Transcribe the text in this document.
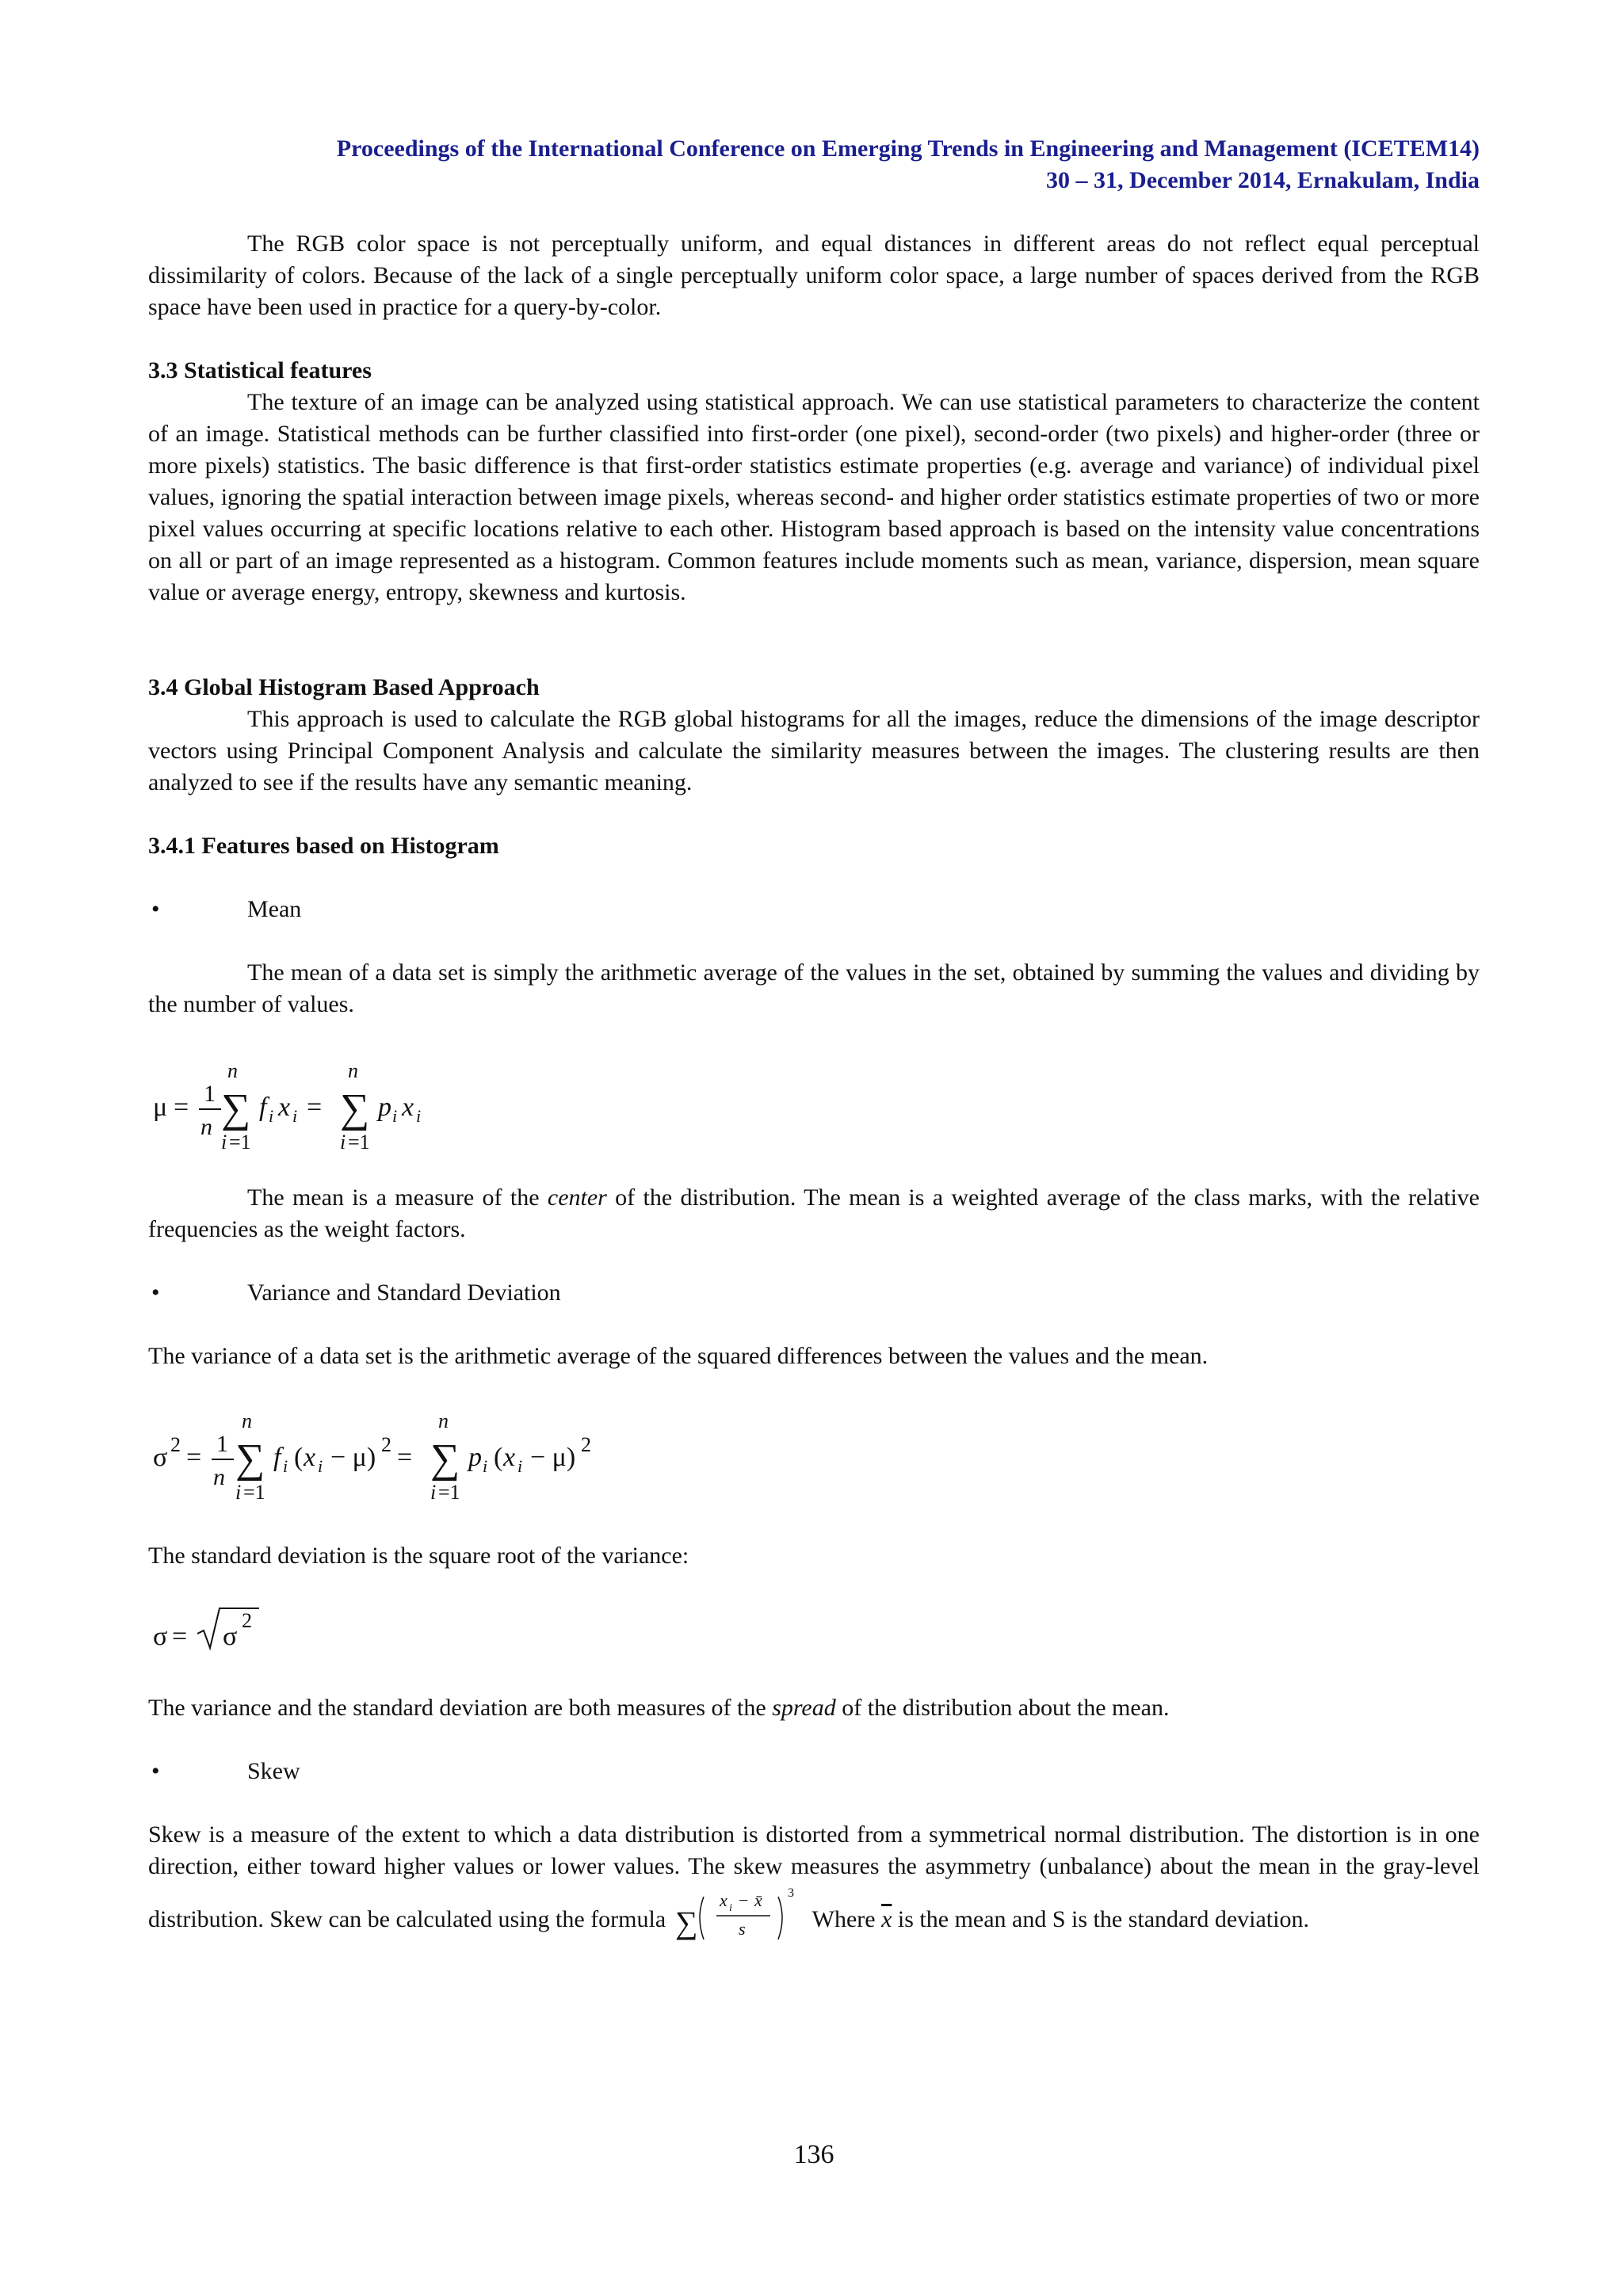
Proceedings of the International Conference on Emerging Trends in Engineering and Management (ICETEM14)
30 – 31, December 2014, Ernakulam, India
The RGB color space is not perceptually uniform, and equal distances in different areas do not reflect equal perceptual dissimilarity of colors. Because of the lack of a single perceptually uniform color space, a large number of spaces derived from the RGB space have been used in practice for a query-by-color.
3.3 Statistical features
The texture of an image can be analyzed using statistical approach. We can use statistical parameters to characterize the content of an image. Statistical methods can be further classified into first-order (one pixel), second-order (two pixels) and higher-order (three or more pixels) statistics. The basic difference is that first-order statistics estimate properties (e.g. average and variance) of individual pixel values, ignoring the spatial interaction between image pixels, whereas second- and higher order statistics estimate properties of two or more pixel values occurring at specific locations relative to each other. Histogram based approach is based on the intensity value concentrations on all or part of an image represented as a histogram. Common features include moments such as mean, variance, dispersion, mean square value or average energy, entropy, skewness and kurtosis.
3.4 Global Histogram Based Approach
This approach is used to calculate the RGB global histograms for all the images, reduce the dimensions of the image descriptor vectors using Principal Component Analysis and calculate the similarity measures between the images. The clustering results are then analyzed to see if the results have any semantic meaning.
3.4.1 Features based on Histogram
•	Mean
The mean of a data set is simply the arithmetic average of the values in the set, obtained by summing the values and dividing by the number of values.
μ = 1
n
n
∑
i =1
f i x i =
n
∑
i =1
p i x i
The mean is a measure of the center of the distribution. The mean is a weighted average of the class marks, with the relative frequencies as the weight factors.
•	Variance and Standard Deviation
The variance of a data set is the arithmetic average of the squared differences between the values and the mean.
σ 2 = 1
n
n
∑
i =1
f i ( x i − μ) 2 =
n
∑
i =1
p i ( x i − μ) 2
The standard deviation is the square root of the variance:
σ = σ
2
The variance and the standard deviation are both measures of the spread of the distribution about the mean.
•	Skew
Skew is a measure of the extent to which a data distribution is distorted from a symmetrical normal distribution. The distortion is in one direction, either toward higher values or lower values. The skew measures the asymmetry (unbalance) about the mean in the gray-level distribution. Skew can be calculated using the formula ∑
x i − x̄
s
3
Where $\overline{x}$ is the mean and S is the standard deviation.
136
